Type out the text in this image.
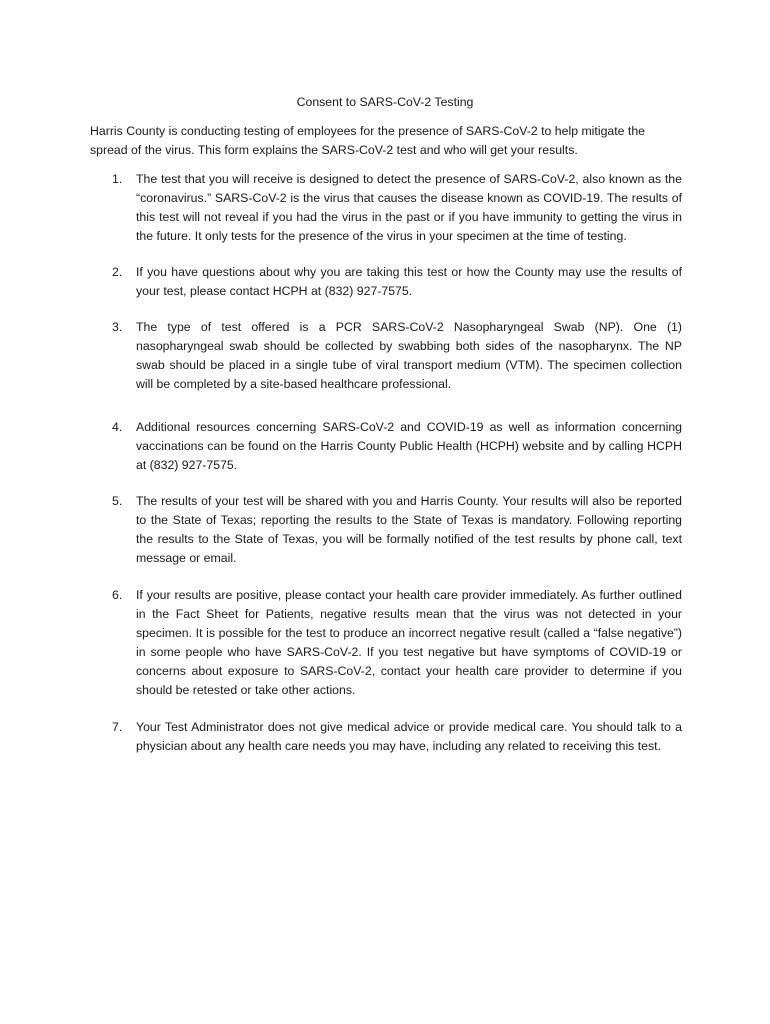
Consent to SARS-CoV-2 Testing

Harris County is conducting testing of employees for the presence of SARS-CoV-2 to help mitigate the spread of the virus. This form explains the SARS-CoV-2 test and who will get your results.

1.	The test that you will receive is designed to detect the presence of SARS-CoV-2, also known as the “coronavirus.” SARS-CoV-2 is the virus that causes the disease known as COVID-19. The results of this test will not reveal if you had the virus in the past or if you have immunity to getting the virus in the future. It only tests for the presence of the virus in your specimen at the time of testing.
2.	If you have questions about why you are taking this test or how the County may use the results of your test, please contact HCPH at (832) 927-7575.
3.	The type of test offered is a PCR SARS-CoV-2 Nasopharyngeal Swab (NP). One (1) nasopharyngeal swab should be collected by swabbing both sides of the nasopharynx. The NP swab should be placed in a single tube of viral transport medium (VTM). The specimen collection will be completed by a site-based healthcare professional.
4.	Additional resources concerning SARS-CoV-2 and COVID-19 as well as information concerning vaccinations can be found on the Harris County Public Health (HCPH) website and by calling HCPH at (832) 927-7575.
5.	The results of your test will be shared with you and Harris County. Your results will also be reported to the State of Texas; reporting the results to the State of Texas is mandatory. Following reporting the results to the State of Texas, you will be formally notified of the test results by phone call, text message or email.
6.	If your results are positive, please contact your health care provider immediately. As further outlined in the Fact Sheet for Patients, negative results mean that the virus was not detected in your specimen. It is possible for the test to produce an incorrect negative result (called a “false negative”) in some people who have SARS-CoV-2. If you test negative but have symptoms of COVID-19 or concerns about exposure to SARS-CoV-2, contact your health care provider to determine if you should be retested or take other actions.
7.	Your Test Administrator does not give medical advice or provide medical care. You should talk to a physician about any health care needs you may have, including any related to receiving this test.
